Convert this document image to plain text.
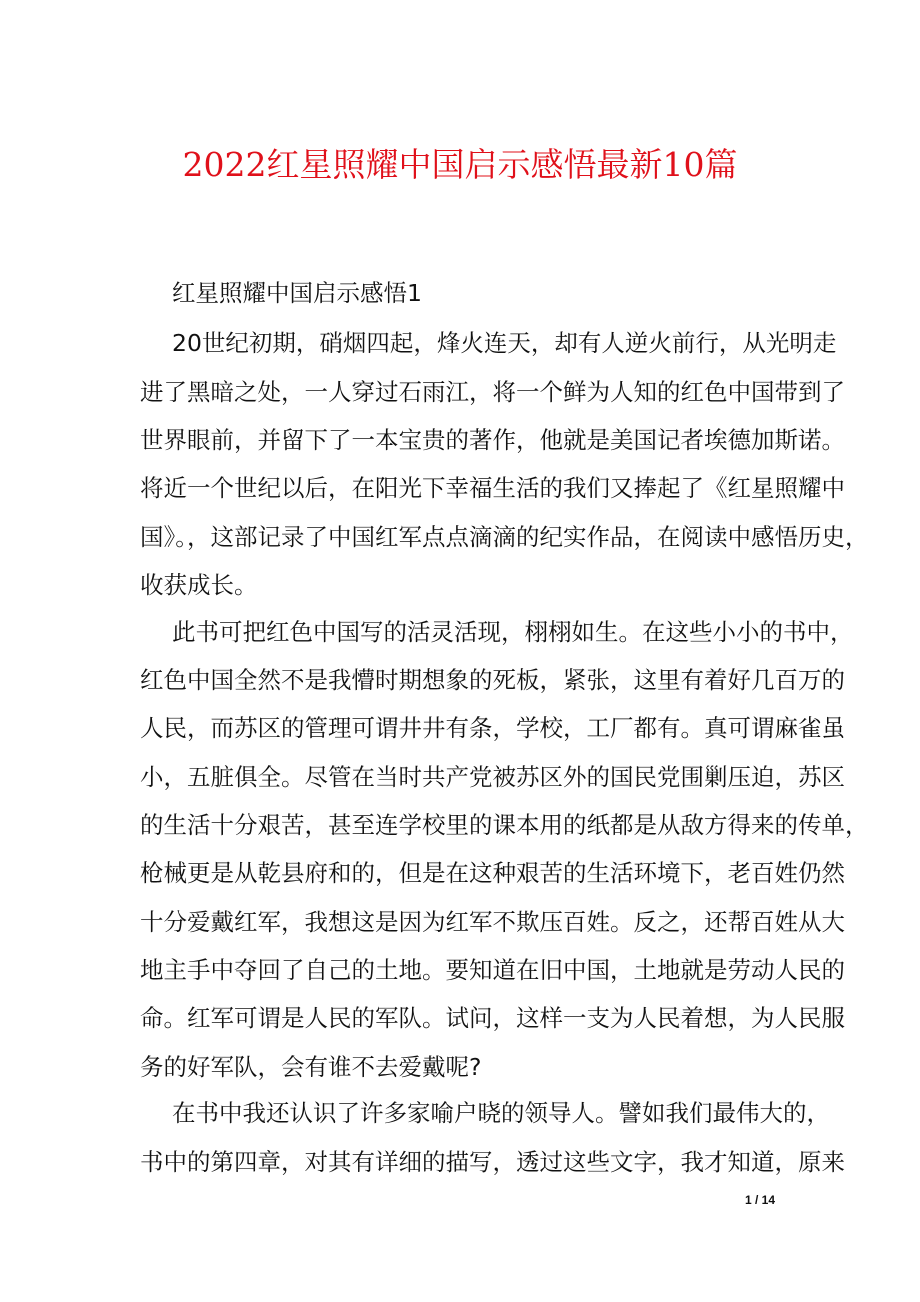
2022红星照耀中国启示感悟最新10篇
红星照耀中国启示感悟1
20世纪初期，硝烟四起，烽火连天，却有人逆火前行，从光明走
进了黑暗之处，一人穿过石雨江，将一个鲜为人知的红色中国带到了
世界眼前，并留下了一本宝贵的著作，他就是美国记者埃德加斯诺。
将近一个世纪以后，在阳光下幸福生活的我们又捧起了《红星照耀中
国》。，这部记录了中国红军点点滴滴的纪实作品，在阅读中感悟历史，
收获成长。
此书可把红色中国写的活灵活现，栩栩如生。在这些小小的书中，
红色中国全然不是我懵时期想象的死板，紧张，这里有着好几百万的
人民，而苏区的管理可谓井井有条，学校，工厂都有。真可谓麻雀虽
小，五脏俱全。尽管在当时共产党被苏区外的国民党围剿压迫，苏区
的生活十分艰苦，甚至连学校里的课本用的纸都是从敌方得来的传单，
枪械更是从乾县府和的，但是在这种艰苦的生活环境下，老百姓仍然
十分爱戴红军，我想这是因为红军不欺压百姓。反之，还帮百姓从大
地主手中夺回了自己的土地。要知道在旧中国，土地就是劳动人民的
命。红军可谓是人民的军队。试问，这样一支为人民着想，为人民服
务的好军队，会有谁不去爱戴呢?
在书中我还认识了许多家喻户晓的领导人。譬如我们最伟大的，
书中的第四章，对其有详细的描写，透过这些文字，我才知道，原来
1 / 14
